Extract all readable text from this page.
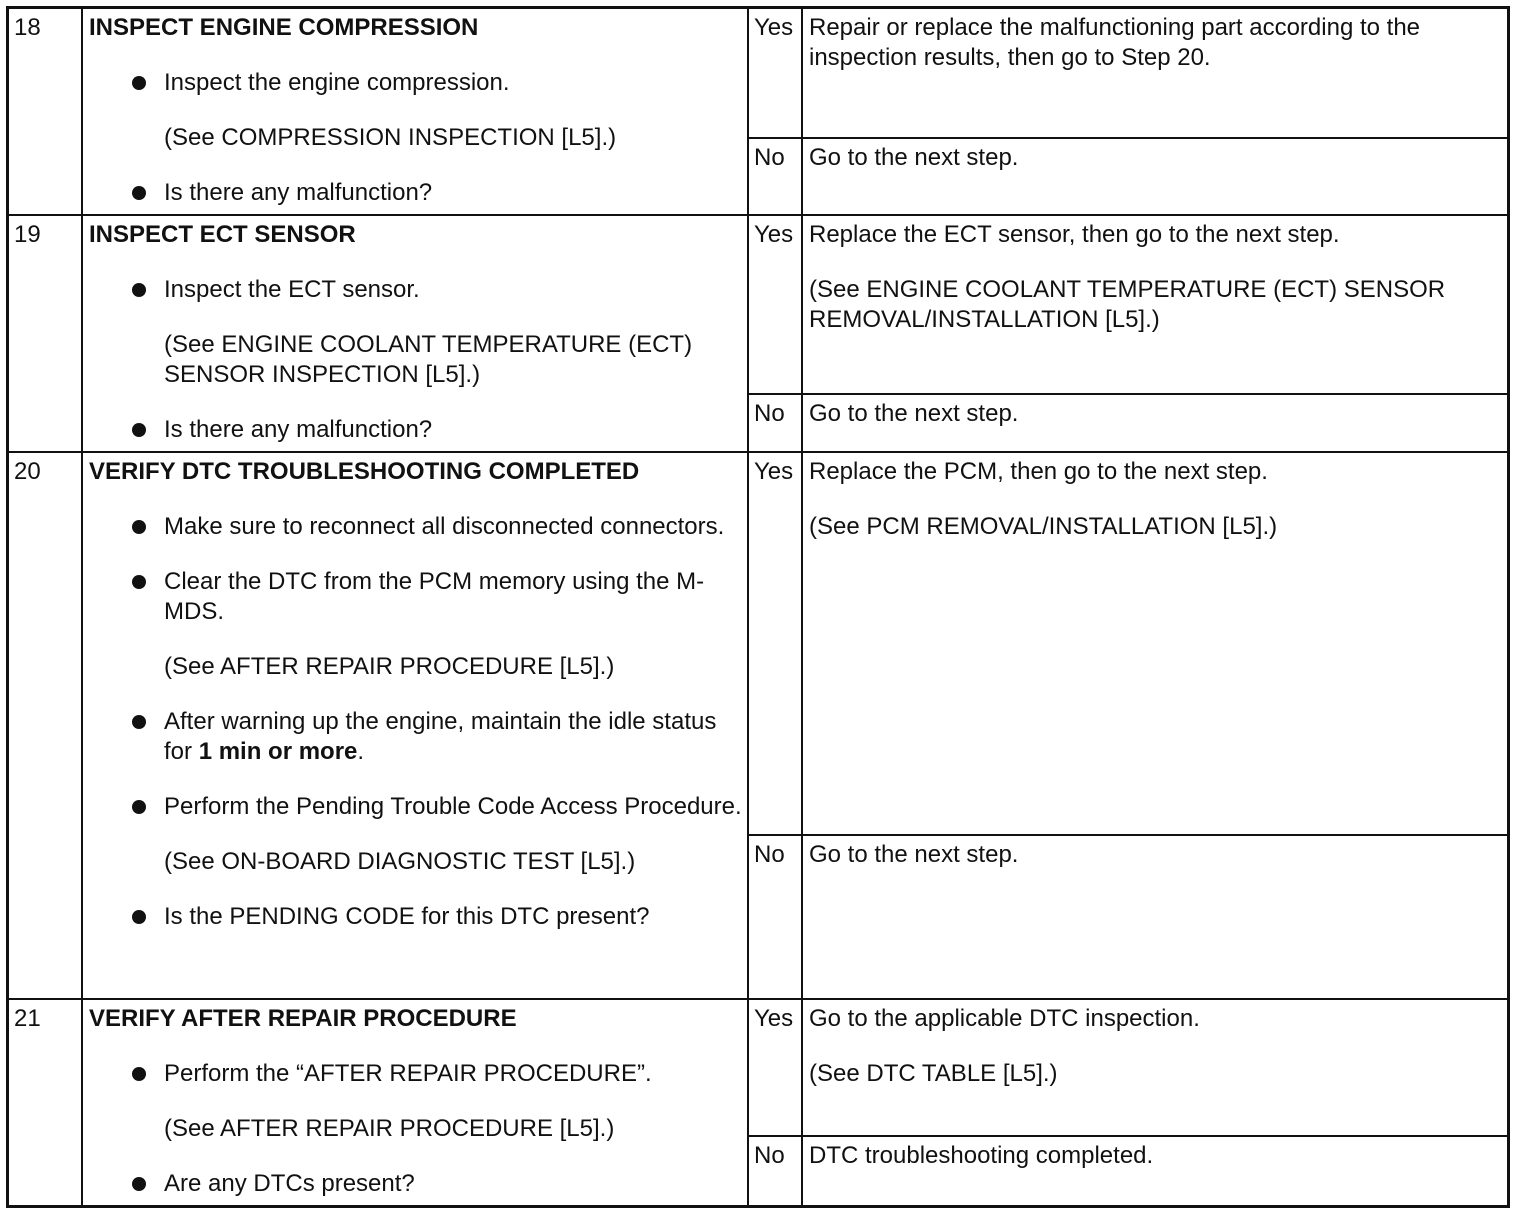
18	INSPECT ENGINE COMPRESSION

Inspect the engine compression.

(See COMPRESSION INSPECTION [L5].)

Is there any malfunction?

Yes Repair or replace the malfunctioning part according to the inspection results, then go to Step 20.

No	Go to the next step.

19	INSPECT ECT SENSOR

Inspect the ECT sensor.

(See ENGINE COOLANT TEMPERATURE (ECT) SENSOR INSPECTION [L5].)

Is there any malfunction?

Yes Replace the ECT sensor, then go to the next step.

(See ENGINE COOLANT TEMPERATURE (ECT) SENSOR REMOVAL/INSTALLATION [L5].)

No	Go to the next step.

20	VERIFY DTC TROUBLESHOOTING COMPLETED

Make sure to reconnect all disconnected connectors.

Clear the DTC from the PCM memory using the M-MDS.

(See AFTER REPAIR PROCEDURE [L5].)

After warning up the engine, maintain the idle status for 1 min or more.

Perform the Pending Trouble Code Access Procedure.

(See ON-BOARD DIAGNOSTIC TEST [L5].)

Is the PENDING CODE for this DTC present?

Yes Replace the PCM, then go to the next step.

(See PCM REMOVAL/INSTALLATION [L5].)

No	Go to the next step.

21	VERIFY AFTER REPAIR PROCEDURE

Perform the “AFTER REPAIR PROCEDURE”.

(See AFTER REPAIR PROCEDURE [L5].)

Are any DTCs present?

Yes Go to the applicable DTC inspection.

(See DTC TABLE [L5].)

No	DTC troubleshooting completed.
